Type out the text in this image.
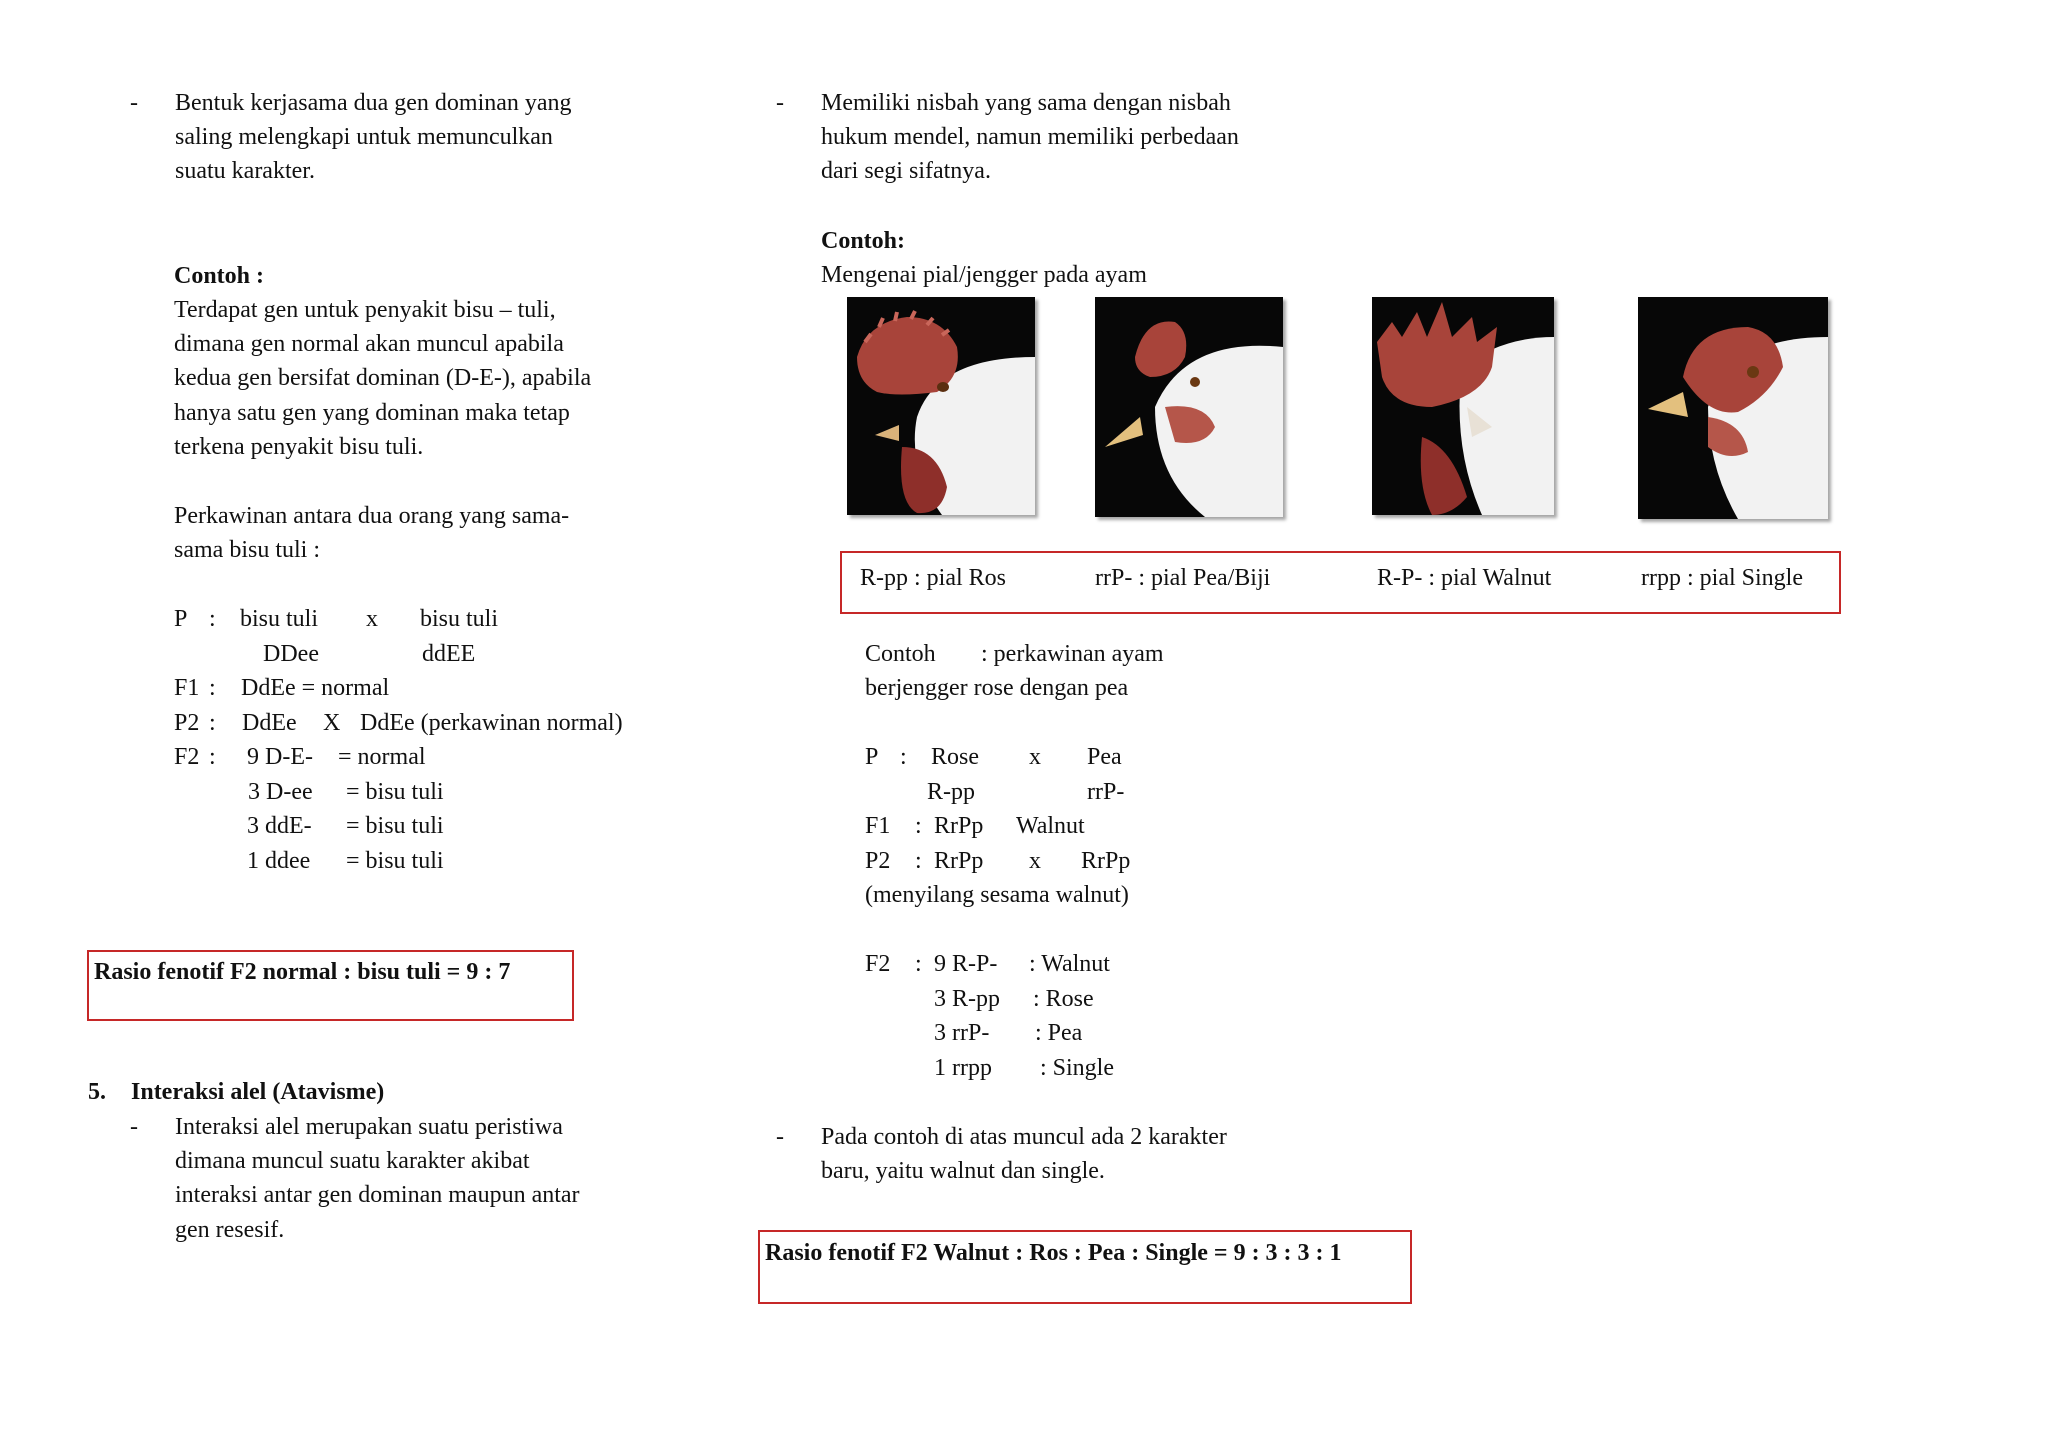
- Bentuk kerjasama dua gen dominan yang
saling melengkapi untuk memunculkan
suatu karakter.
Contoh :
Terdapat gen untuk penyakit bisu – tuli,
dimana gen normal akan muncul apabila
kedua gen bersifat dominan (D-E-), apabila
hanya satu gen yang dominan maka tetap
terkena penyakit bisu tuli.
Perkawinan antara dua orang yang sama-
sama bisu tuli :
P : bisu tuli x bisu tuli
DDee	ddEE
F1 : DdEe = normal
P2 : DdEe X DdEe (perkawinan normal)
F2 : 9 D-E- = normal
3 D-ee = bisu tuli
3 ddE- = bisu tuli
1 ddee = bisu tuli
Rasio fenotif F2 normal : bisu tuli = 9 : 7
5. Interaksi alel (Atavisme)
- Interaksi alel merupakan suatu peristiwa
dimana muncul suatu karakter akibat
interaksi antar gen dominan maupun antar
gen resesif.
- Memiliki nisbah yang sama dengan nisbah
hukum mendel, namun memiliki perbedaan
dari segi sifatnya.
Contoh:
Mengenai pial/jengger pada ayam
R-pp : pial Ros	rrP- : pial Pea/Biji	R-P- : pial Walnut	rrpp : pial Single
Contoh : perkawinan ayam
berjengger rose dengan pea
P : Rose x Pea
R-pp	rrP-
F1 : RrPp Walnut
P2 : RrPp x RrPp
(menyilang sesama walnut)
F2 : 9 R-P- : Walnut
3 R-pp : Rose
3 rrP- : Pea
1 rrpp : Single
- Pada contoh di atas muncul ada 2 karakter
baru, yaitu walnut dan single.
Rasio fenotif F2 Walnut : Ros : Pea : Single = 9 : 3 : 3 : 1
